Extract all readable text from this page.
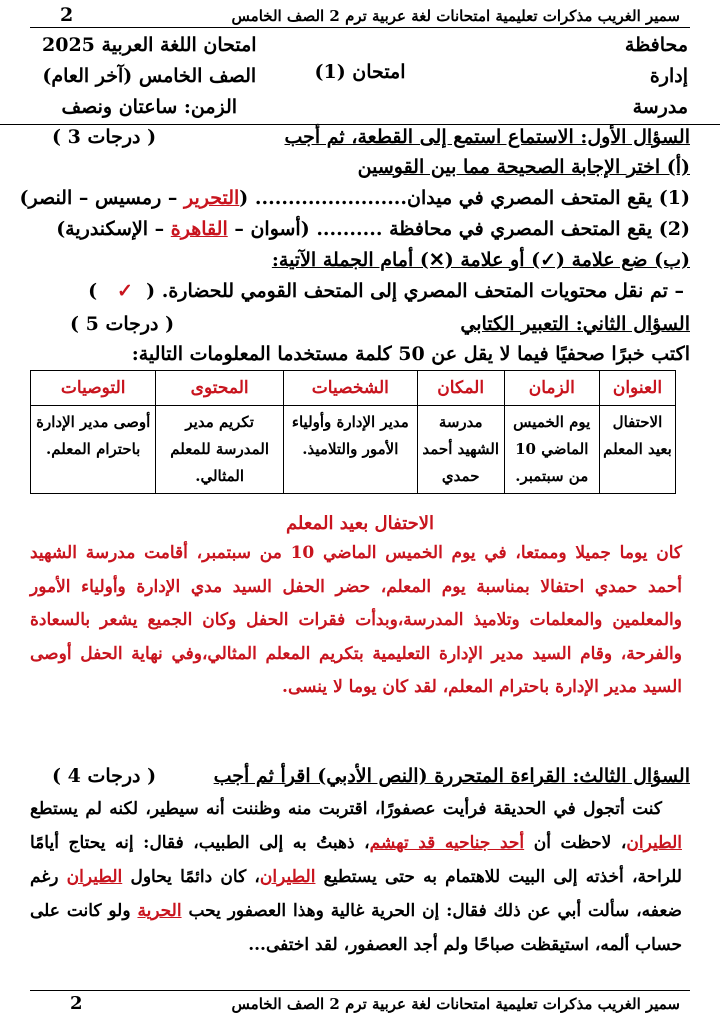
سمير الغريب مذكرات تعليمية امتحانات لغة عربية ترم 2 الصف الخامس
2
محافظة
إدارة
مدرسة
امتحان (1)
امتحان اللغة العربية 2025
الصف الخامس (آخر العام)
الزمن: ساعتان ونصف
السؤال الأول: الاستماع استمع إلى القطعة، ثم أجب
( 3 درجات )
(أ) اختر الإجابة الصحيحة مما بين القوسين
(1) يقع المتحف المصري في ميدان....................... (التحرير – رمسيس – النصر)
(2) يقع المتحف المصري في محافظة .......... (أسوان – القاهرة – الإسكندرية)
(ب) ضع علامة (✓) أو علامة (✕) أمام الجملة الآتية:
– تم نقل محتويات المتحف المصري إلى المتحف القومي للحضارة. (  ✓   )
السؤال الثاني: التعبير الكتابي
( 5 درجات )
اكتب خبرًا صحفيًا فيما لا يقل عن 50 كلمة مستخدما المعلومات التالية:
العنوان	الزمان	المكان	الشخصيات	المحتوى	التوصيات
الاحتفال بعيد المعلم	يوم الخميس الماضي 10 من سبتمبر.	مدرسة الشهيد أحمد حمدي	مدير الإدارة وأولياء الأمور والتلاميذ.	تكريم مدير المدرسة للمعلم المثالي.	أوصى مدير الإدارة باحترام المعلم.
الاحتفال بعيد المعلم
كان يوما جميلا وممتعا، في يوم الخميس الماضي 10 من سبتمبر، أقامت مدرسة الشهيد أحمد حمدي احتفالا بمناسبة يوم المعلم، حضر الحفل السيد مدي الإدارة وأولياء الأمور والمعلمين والمعلمات وتلاميذ المدرسة،وبدأت فقرات الحفل وكان الجميع يشعر بالسعادة والفرحة، وقام السيد مدير الإدارة التعليمية بتكريم المعلم المثالي،وفي نهاية الحفل أوصى السيد مدير الإدارة باحترام المعلم، لقد كان يوما لا ينسى.
السؤال الثالث: القراءة المتحررة (النص الأدبي) اقرأ ثم أجب
( 4 درجات )
كنت أتجول في الحديقة فرأيت عصفورًا، اقتربت منه وظننت أنه سيطير، لكنه لم يستطع الطيران، لاحظت أن أحد جناحيه قد تهشم، ذهبتُ به إلى الطبيب، فقال: إنه يحتاج أيامًا للراحة، أخذته إلى البيت للاهتمام به حتى يستطيع الطيران، كان دائمًا يحاول الطيران رغم ضعفه، سألت أبي عن ذلك فقال: إن الحرية غالية وهذا العصفور يحب الحرية ولو كانت على حساب ألمه، استيقظت صباحًا ولم أجد العصفور، لقد اختفى...
سمير الغريب مذكرات تعليمية امتحانات لغة عربية ترم 2 الصف الخامس
2
